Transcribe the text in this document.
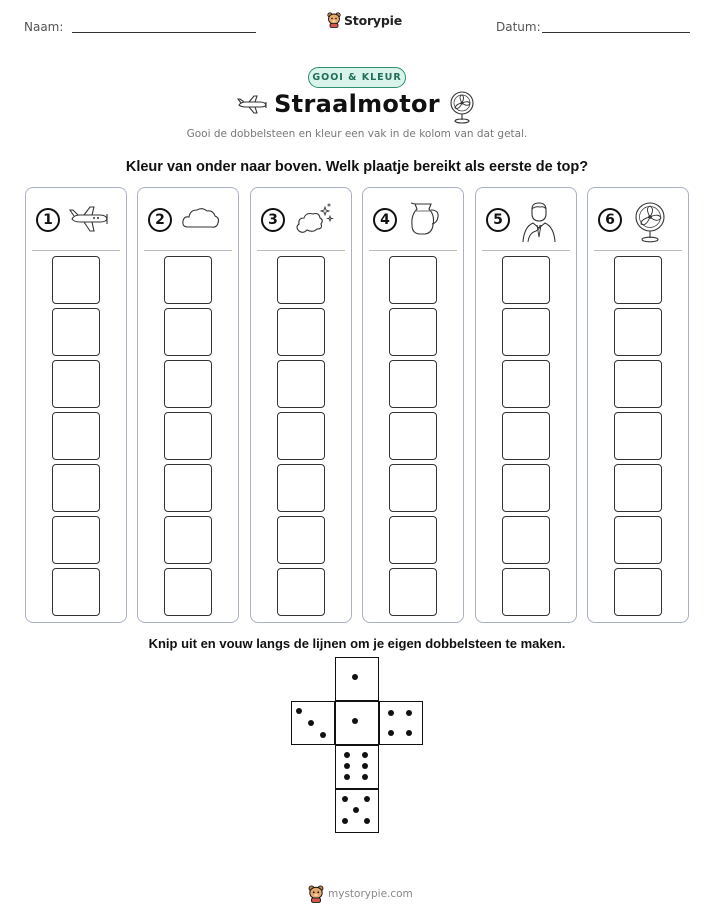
Naam:	Storypie	Datum:
GOOI & KLEUR
Straalmotor
Gooi de dobbelsteen en kleur een vak in de kolom van dat getal.
Kleur van onder naar boven. Welk plaatje bereikt als eerste de top?
1	2	3	4	5	6
Knip uit en vouw langs de lijnen om je eigen dobbelsteen te maken.
mystorypie.com
